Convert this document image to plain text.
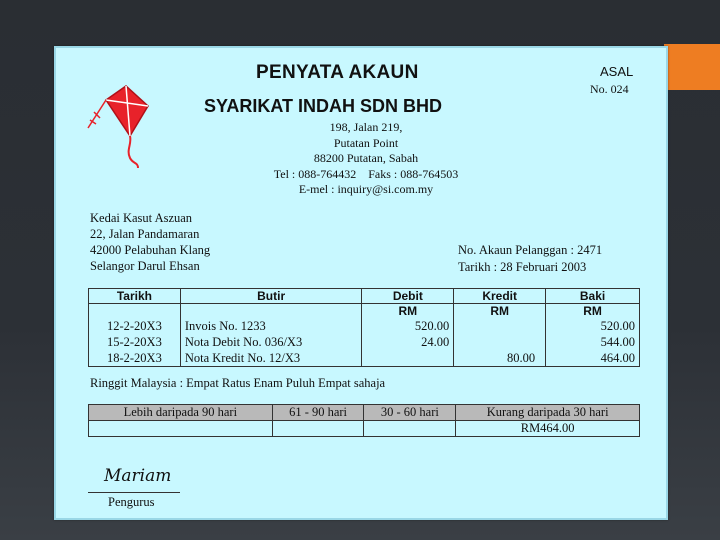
PENYATA AKAUN
SYARIKAT INDAH SDN BHD
ASAL
No. 024
198, Jalan 219,
Putatan Point
88200 Putatan, Sabah
Tel : 088-764432 Faks : 088-764503
E-mel : inquiry@si.com.my
Kedai Kasut Aszuan
22, Jalan Pandamaran
42000 Pelabuhan Klang
Selangor Darul Ehsan
No. Akaun Pelanggan : 2471
Tarikh : 28 Februari 2003
Tarikh	Butir	Debit	Kredit	Baki
		RM	RM	RM
12-2-20X3	Invois No. 1233	520.00		520.00
15-2-20X3	Nota Debit No. 036/X3	24.00		544.00
18-2-20X3	Nota Kredit No. 12/X3		80.00	464.00
Ringgit Malaysia : Empat Ratus Enam Puluh Empat sahaja
Lebih daripada 90 hari	61 - 90 hari	30 - 60 hari	Kurang daripada 30 hari
			RM464.00
Mariam
Pengurus
